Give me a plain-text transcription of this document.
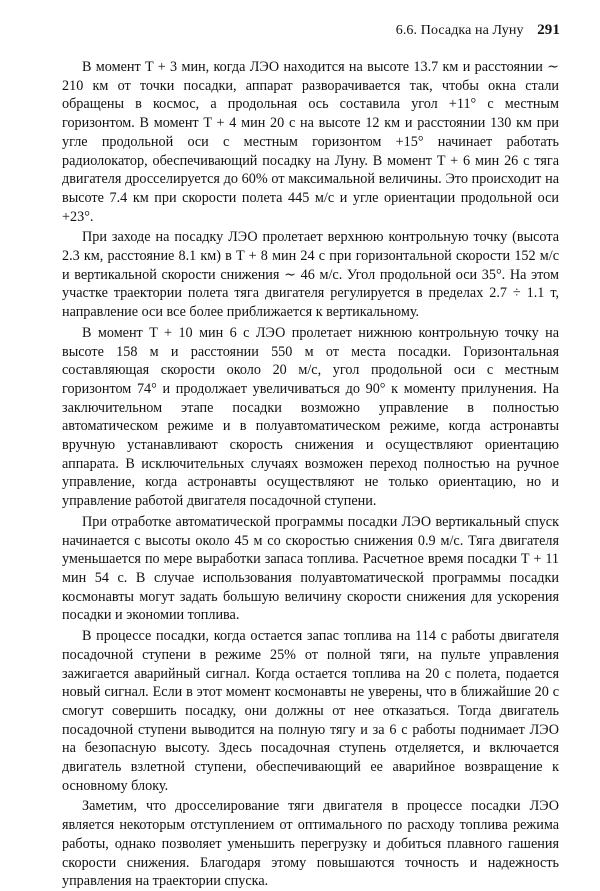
6.6. Посадка на Луну 291

В момент T + 3 мин, когда ЛЭО находится на высоте 13.7 км и расстоянии ∼ 210 км от точки посадки, аппарат разворачивается так, чтобы окна стали обращены в космос, а продольная ось составила угол +11° с местным горизонтом. В момент T + 4 мин 20 с на высоте 12 км и расстоянии 130 км при угле продольной оси с местным горизонтом +15° начинает работать радиолокатор, обеспечивающий посадку на Луну. В момент T + 6 мин 26 с тяга двигателя дросселируется до 60% от максимальной величины. Это происходит на высоте 7.4 км при скорости полета 445 м/с и угле ориентации продольной оси +23°.

При заходе на посадку ЛЭО пролетает верхнюю контрольную точку (высота 2.3 км, расстояние 8.1 км) в T + 8 мин 24 с при горизонтальной скорости 152 м/с и вертикальной скорости снижения ∼ 46 м/с. Угол продольной оси 35°. На этом участке траектории полета тяга двигателя регулируется в пределах 2.7 ÷ 1.1 т, направление оси все более приближается к вертикальному.

В момент T + 10 мин 6 с ЛЭО пролетает нижнюю контрольную точку на высоте 158 м и расстоянии 550 м от места посадки. Горизонтальная составляющая скорости около 20 м/с, угол продольной оси с местным горизонтом 74° и продолжает увеличиваться до 90° к моменту прилунения. На заключительном этапе посадки возможно управление в полностью автоматическом режиме и в полуавтоматическом режиме, когда астронавты вручную устанавливают скорость снижения и осуществляют ориентацию аппарата. В исключительных случаях возможен переход полностью на ручное управление, когда астронавты осуществляют не только ориентацию, но и управление работой двигателя посадочной ступени.

При отработке автоматической программы посадки ЛЭО вертикальный спуск начинается с высоты около 45 м со скоростью снижения 0.9 м/с. Тяга двигателя уменьшается по мере выработки запаса топлива. Расчетное время посадки T + 11 мин 54 с. В случае использования полуавтоматической программы посадки космонавты могут задать большую величину скорости снижения для ускорения посадки и экономии топлива.

В процессе посадки, когда остается запас топлива на 114 с работы двигателя посадочной ступени в режиме 25% от полной тяги, на пульте управления зажигается аварийный сигнал. Когда остается топлива на 20 с полета, подается новый сигнал. Если в этот момент космонавты не уверены, что в ближайшие 20 с смогут совершить посадку, они должны от нее отказаться. Тогда двигатель посадочной ступени выводится на полную тягу и за 6 с работы поднимает ЛЭО на безопасную высоту. Здесь посадочная ступень отделяется, и включается двигатель взлетной ступени, обеспечивающий ее аварийное возвращение к основному блоку.

Заметим, что дросселирование тяги двигателя в процессе посадки ЛЭО является некоторым отступлением от оптимального по расходу топлива режима работы, однако позволяет уменьшить перегрузку и добиться плавного гашения скорости снижения. Благодаря этому повышаются точность и надежность управления на траектории спуска.
